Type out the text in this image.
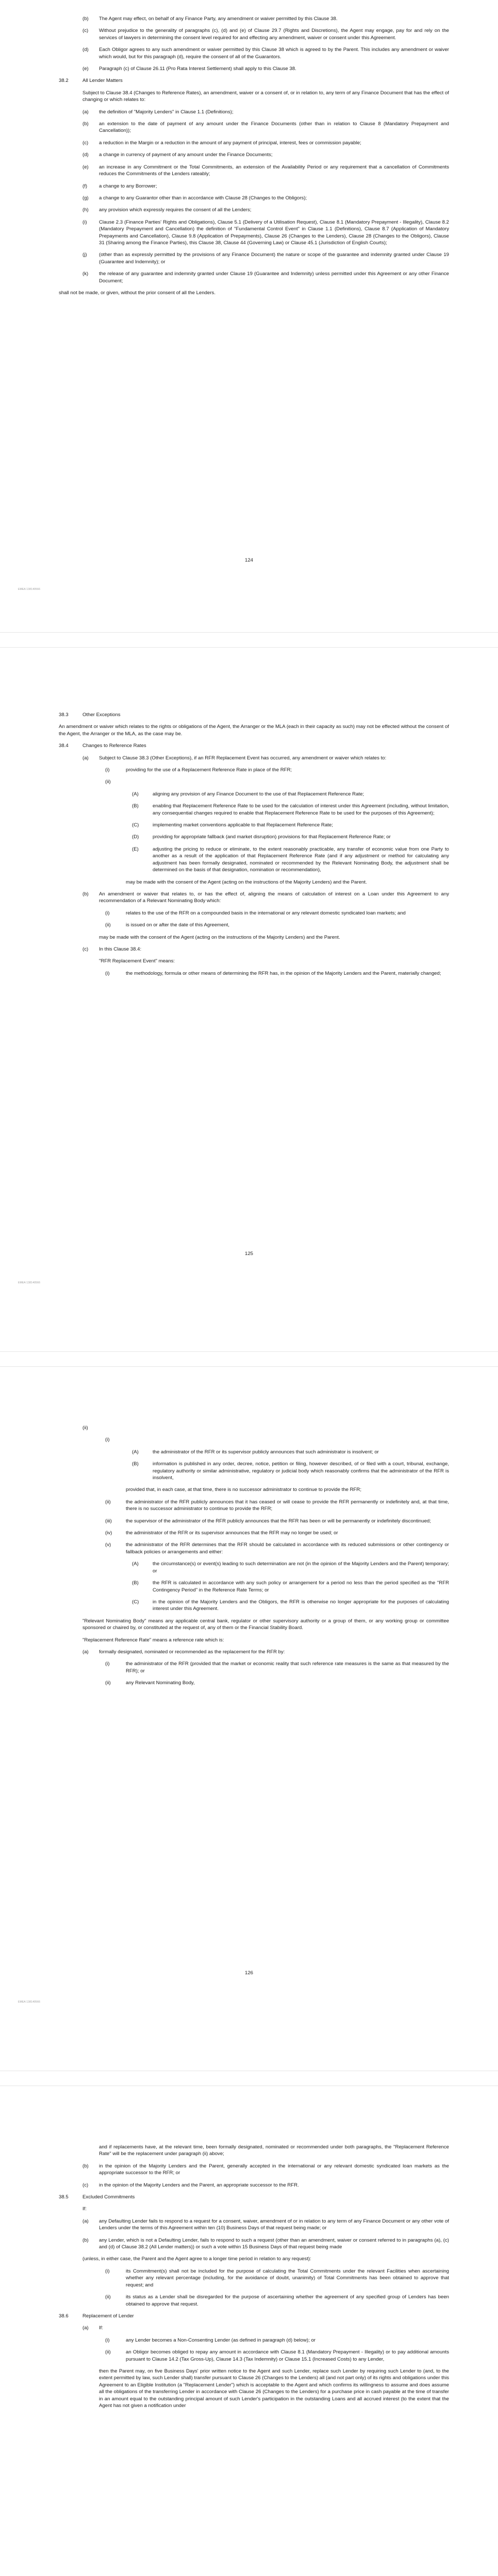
(b)	The Agent may effect, on behalf of any Finance Party, any amendment or waiver permitted by this Clause 38.
(c)	Without prejudice to the generality of paragraphs (c), (d) and (e) of Clause 29.7 (Rights and Discretions), the Agent may engage, pay for and rely on the services of lawyers in determining the consent level required for and effecting any amendment, waiver or consent under this Agreement.
(d)	Each Obligor agrees to any such amendment or waiver permitted by this Clause 38 which is agreed to by the Parent. This includes any amendment or waiver which would, but for this paragraph (d), require the consent of all of the Guarantors.
(e)	Paragraph (c) of Clause 26.11 (Pro Rata Interest Settlement) shall apply to this Clause 38.
38.2	All Lender Matters
Subject to Clause 38.4 (Changes to Reference Rates), an amendment, waiver or a consent of, or in relation to, any term of any Finance Document that has the effect of changing or which relates to:
(a)	the definition of "Majority Lenders" in Clause 1.1 (Definitions);
(b)	an extension to the date of payment of any amount under the Finance Documents (other than in relation to Clause 8 (Mandatory Prepayment and Cancellation));
(c)	a reduction in the Margin or a reduction in the amount of any payment of principal, interest, fees or commission payable;
(d)	a change in currency of payment of any amount under the Finance Documents;
(e)	an increase in any Commitment or the Total Commitments, an extension of the Availability Period or any requirement that a cancellation of Commitments reduces the Commitments of the Lenders rateably;
(f)	a change to any Borrower;
(g)	a change to any Guarantor other than in accordance with Clause 28 (Changes to the Obligors);
(h)	any provision which expressly requires the consent of all the Lenders;
(i)	Clause 2.3 (Finance Parties' Rights and Obligations), Clause 5.1 (Delivery of a Utilisation Request), Clause 8.1 (Mandatory Prepayment - Illegality), Clause 8.2 (Mandatory Prepayment and Cancellation) the definition of "Fundamental Control Event" in Clause 1.1 (Definitions), Clause 8.7 (Application of Mandatory Prepayments and Cancellation), Clause 9.8 (Application of Prepayments), Clause 26 (Changes to the Lenders), Clause 28 (Changes to the Obligors), Clause 31 (Sharing among the Finance Parties), this Clause 38, Clause 44 (Governing Law) or Clause 45.1 (Jurisdiction of English Courts);
(j)	(other than as expressly permitted by the provisions of any Finance Document) the nature or scope of the guarantee and indemnity granted under Clause 19 (Guarantee and Indemnity); or
(k)	the release of any guarantee and indemnity granted under Clause 19 (Guarantee and Indemnity) unless permitted under this Agreement or any other Finance Document;
shall not be made, or given, without the prior consent of all the Lenders.
124
EMEA 138140566
38.3	Other Exceptions
An amendment or waiver which relates to the rights or obligations of the Agent, the Arranger or the MLA (each in their capacity as such) may not be effected without the consent of the Agent, the Arranger or the MLA, as the case may be.
38.4	Changes to Reference Rates
(a)	Subject to Clause 38.3 (Other Exceptions), if an RFR Replacement Event has occurred, any amendment or waiver which relates to:
(i)	providing for the use of a Replacement Reference Rate in place of the RFR;
(ii)
(A)	aligning any provision of any Finance Document to the use of that Replacement Reference Rate;
(B)	enabling that Replacement Reference Rate to be used for the calculation of interest under this Agreement (including, without limitation, any consequential changes required to enable that Replacement Reference Rate to be used for the purposes of this Agreement);
(C)	implementing market conventions applicable to that Replacement Reference Rate;
(D)	providing for appropriate fallback (and market disruption) provisions for that Replacement Reference Rate; or
(E)	adjusting the pricing to reduce or eliminate, to the extent reasonably practicable, any transfer of economic value from one Party to another as a result of the application of that Replacement Reference Rate (and if any adjustment or method for calculating any adjustment has been formally designated, nominated or recommended by the Relevant Nominating Body, the adjustment shall be determined on the basis of that designation, nomination or recommendation),
may be made with the consent of the Agent (acting on the instructions of the Majority Lenders) and the Parent.
(b)	An amendment or waiver that relates to, or has the effect of, aligning the means of calculation of interest on a Loan under this Agreement to any recommendation of a Relevant Nominating Body which:
(i)	relates to the use of the RFR on a compounded basis in the international or any relevant domestic syndicated loan markets; and
(ii)	is issued on or after the date of this Agreement,
may be made with the consent of the Agent (acting on the instructions of the Majority Lenders) and the Parent.
(c)	In this Clause 38.4:
"RFR Replacement Event" means:
(i)	the methodology, formula or other means of determining the RFR has, in the opinion of the Majority Lenders and the Parent, materially changed;
125
EMEA 138140566
(ii)
(i)
(A)	the administrator of the RFR or its supervisor publicly announces that such administrator is insolvent; or
(B)	information is published in any order, decree, notice, petition or filing, however described, of or filed with a court, tribunal, exchange, regulatory authority or similar administrative, regulatory or judicial body which reasonably confirms that the administrator of the RFR is insolvent,
provided that, in each case, at that time, there is no successor administrator to continue to provide the RFR;
(ii)	the administrator of the RFR publicly announces that it has ceased or will cease to provide the RFR permanently or indefinitely and, at that time, there is no successor administrator to continue to provide the RFR;
(iii)	the supervisor of the administrator of the RFR publicly announces that the RFR has been or will be permanently or indefinitely discontinued;
(iv)	the administrator of the RFR or its supervisor announces that the RFR may no longer be used; or
(v)	the administrator of the RFR determines that the RFR should be calculated in accordance with its reduced submissions or other contingency or fallback policies or arrangements and either:
(A)	the circumstance(s) or event(s) leading to such determination are not (in the opinion of the Majority Lenders and the Parent) temporary; or
(B)	the RFR is calculated in accordance with any such policy or arrangement for a period no less than the period specified as the "RFR Contingency Period" in the Reference Rate Terms; or
(C)	in the opinion of the Majority Lenders and the Obligors, the RFR is otherwise no longer appropriate for the purposes of calculating interest under this Agreement.
"Relevant Nominating Body" means any applicable central bank, regulator or other supervisory authority or a group of them, or any working group or committee sponsored or chaired by, or constituted at the request of, any of them or the Financial Stability Board.
"Replacement Reference Rate" means a reference rate which is:
(a)	formally designated, nominated or recommended as the replacement for the RFR by:
(i)	the administrator of the RFR (provided that the market or economic reality that such reference rate measures is the same as that measured by the RFR); or
(ii)	any Relevant Nominating Body,
126
EMEA 138140566
and if replacements have, at the relevant time, been formally designated, nominated or recommended under both paragraphs, the "Replacement Reference Rate" will be the replacement under paragraph (ii) above;
(b)	in the opinion of the Majority Lenders and the Parent, generally accepted in the international or any relevant domestic syndicated loan markets as the appropriate successor to the RFR; or
(c)	in the opinion of the Majority Lenders and the Parent, an appropriate successor to the RFR.
38.5	Excluded Commitments
If:
(a)	any Defaulting Lender fails to respond to a request for a consent, waiver, amendment of or in relation to any term of any Finance Document or any other vote of Lenders under the terms of this Agreement within ten (10) Business Days of that request being made; or
(b)	any Lender, which is not a Defaulting Lender, fails to respond to such a request (other than an amendment, waiver or consent referred to in paragraphs (a), (c) and (d) of Clause 38.2 (All Lender matters)) or such a vote within 15 Business Days of that request being made
(unless, in either case, the Parent and the Agent agree to a longer time period in relation to any request):
(i)	its Commitment(s) shall not be included for the purpose of calculating the Total Commitments under the relevant Facilities when ascertaining whether any relevant percentage (including, for the avoidance of doubt, unanimity) of Total Commitments has been obtained to approve that request; and
(ii)	its status as a Lender shall be disregarded for the purpose of ascertaining whether the agreement of any specified group of Lenders has been obtained to approve that request.
38.6	Replacement of Lender
(a)	If:
(i)	any Lender becomes a Non-Consenting Lender (as defined in paragraph (d) below); or
(ii)	an Obligor becomes obliged to repay any amount in accordance with Clause 8.1 (Mandatory Prepayment - Illegality) or to pay additional amounts pursuant to Clause 14.2 (Tax Gross-Up), Clause 14.3 (Tax Indemnity) or Clause 15.1 (Increased Costs) to any Lender,
then the Parent may, on five Business Days' prior written notice to the Agent and such Lender, replace such Lender by requiring such Lender to (and, to the extent permitted by law, such Lender shall) transfer pursuant to Clause 26 (Changes to the Lenders) all (and not part only) of its rights and obligations under this Agreement to an Eligible Institution (a "Replacement Lender") which is acceptable to the Agent and which confirms its willingness to assume and does assume all the obligations of the transferring Lender in accordance with Clause 26 (Changes to the Lenders) for a purchase price in cash payable at the time of transfer in an amount equal to the outstanding principal amount of such Lender's participation in the outstanding Loans and all accrued interest (to the extent that the Agent has not given a notification under
